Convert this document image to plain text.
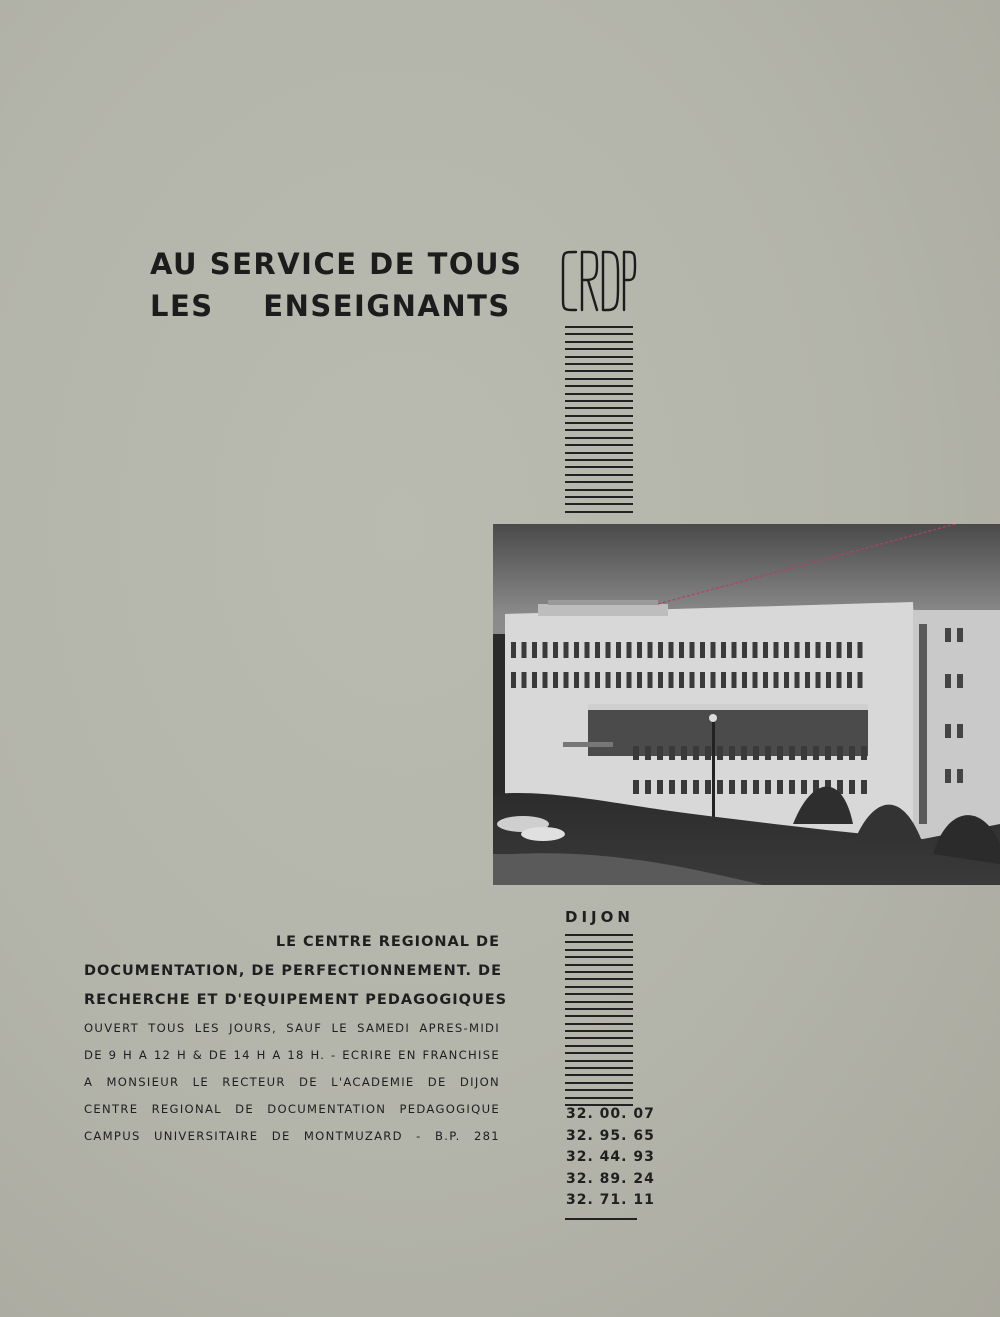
AU SERVICE DE TOUS
LES ENSEIGNANTS
DIJON
LE CENTRE REGIONAL DE
DOCUMENTATION, DE PERFECTIONNEMENT. DE
RECHERCHE ET D'EQUIPEMENT PEDAGOGIQUES
OUVERT TOUS LES JOURS, SAUF LE SAMEDI APRES-MIDI
DE 9 H A 12 H & DE 14 H A 18 H. - ECRIRE EN FRANCHISE
A MONSIEUR LE RECTEUR DE L'ACADEMIE DE DIJON
CENTRE REGIONAL DE DOCUMENTATION PEDAGOGIQUE
CAMPUS UNIVERSITAIRE DE MONTMUZARD - B.P. 281
32. 00. 07
32. 95. 65
32. 44. 93
32. 89. 24
32. 71. 11
